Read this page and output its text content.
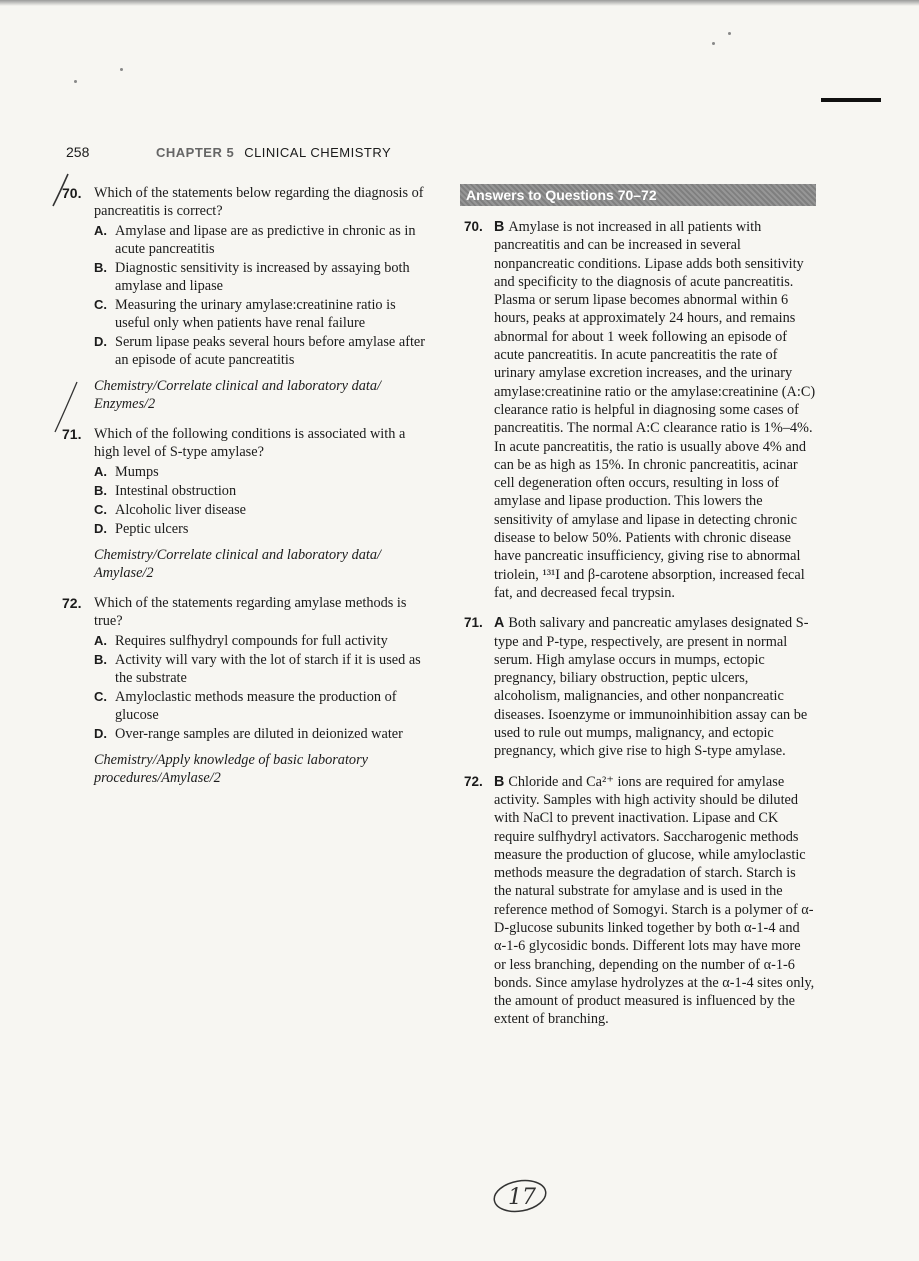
258	CHAPTER 5 CLINICAL CHEMISTRY
70. Which of the statements below regarding the diagnosis of pancreatitis is correct?
A. Amylase and lipase are as predictive in chronic as in acute pancreatitis
B. Diagnostic sensitivity is increased by assaying both amylase and lipase
C. Measuring the urinary amylase:creatinine ratio is useful only when patients have renal failure
D. Serum lipase peaks several hours before amylase after an episode of acute pancreatitis
Chemistry/Correlate clinical and laboratory data/ Enzymes/2
71. Which of the following conditions is associated with a high level of S-type amylase?
A. Mumps
B. Intestinal obstruction
C. Alcoholic liver disease
D. Peptic ulcers
Chemistry/Correlate clinical and laboratory data/ Amylase/2
72. Which of the statements regarding amylase methods is true?
A. Requires sulfhydryl compounds for full activity
B. Activity will vary with the lot of starch if it is used as the substrate
C. Amyloclastic methods measure the production of glucose
D. Over-range samples are diluted in deionized water
Chemistry/Apply knowledge of basic laboratory procedures/Amylase/2
Answers to Questions 70–72
70. B Amylase is not increased in all patients with pancreatitis and can be increased in several nonpancreatic conditions. Lipase adds both sensitivity and specificity to the diagnosis of acute pancreatitis. Plasma or serum lipase becomes abnormal within 6 hours, peaks at approximately 24 hours, and remains abnormal for about 1 week following an episode of acute pancreatitis. In acute pancreatitis the rate of urinary amylase excretion increases, and the urinary amylase:creatinine ratio or the amylase:creatinine (A:C) clearance ratio is helpful in diagnosing some cases of pancreatitis. The normal A:C clearance ratio is 1%–4%. In acute pancreatitis, the ratio is usually above 4% and can be as high as 15%. In chronic pancreatitis, acinar cell degeneration often occurs, resulting in loss of amylase and lipase production. This lowers the sensitivity of amylase and lipase in detecting chronic disease to below 50%. Patients with chronic disease have pancreatic insufficiency, giving rise to abnormal triolein, ¹³¹I and β-carotene absorption, increased fecal fat, and decreased fecal trypsin.
71. A Both salivary and pancreatic amylases designated S-type and P-type, respectively, are present in normal serum. High amylase occurs in mumps, ectopic pregnancy, biliary obstruction, peptic ulcers, alcoholism, malignancies, and other nonpancreatic diseases. Isoenzyme or immunoinhibition assay can be used to rule out mumps, malignancy, and ectopic pregnancy, which give rise to high S-type amylase.
72. B Chloride and Ca²⁺ ions are required for amylase activity. Samples with high activity should be diluted with NaCl to prevent inactivation. Lipase and CK require sulfhydryl activators. Saccharogenic methods measure the production of glucose, while amyloclastic methods measure the degradation of starch. Starch is the natural substrate for amylase and is used in the reference method of Somogyi. Starch is a polymer of α-D-glucose subunits linked together by both α-1-4 and α-1-6 glycosidic bonds. Different lots may have more or less branching, depending on the number of α-1-6 bonds. Since amylase hydrolyzes at the α-1-4 sites only, the amount of product measured is influenced by the extent of branching.
17
